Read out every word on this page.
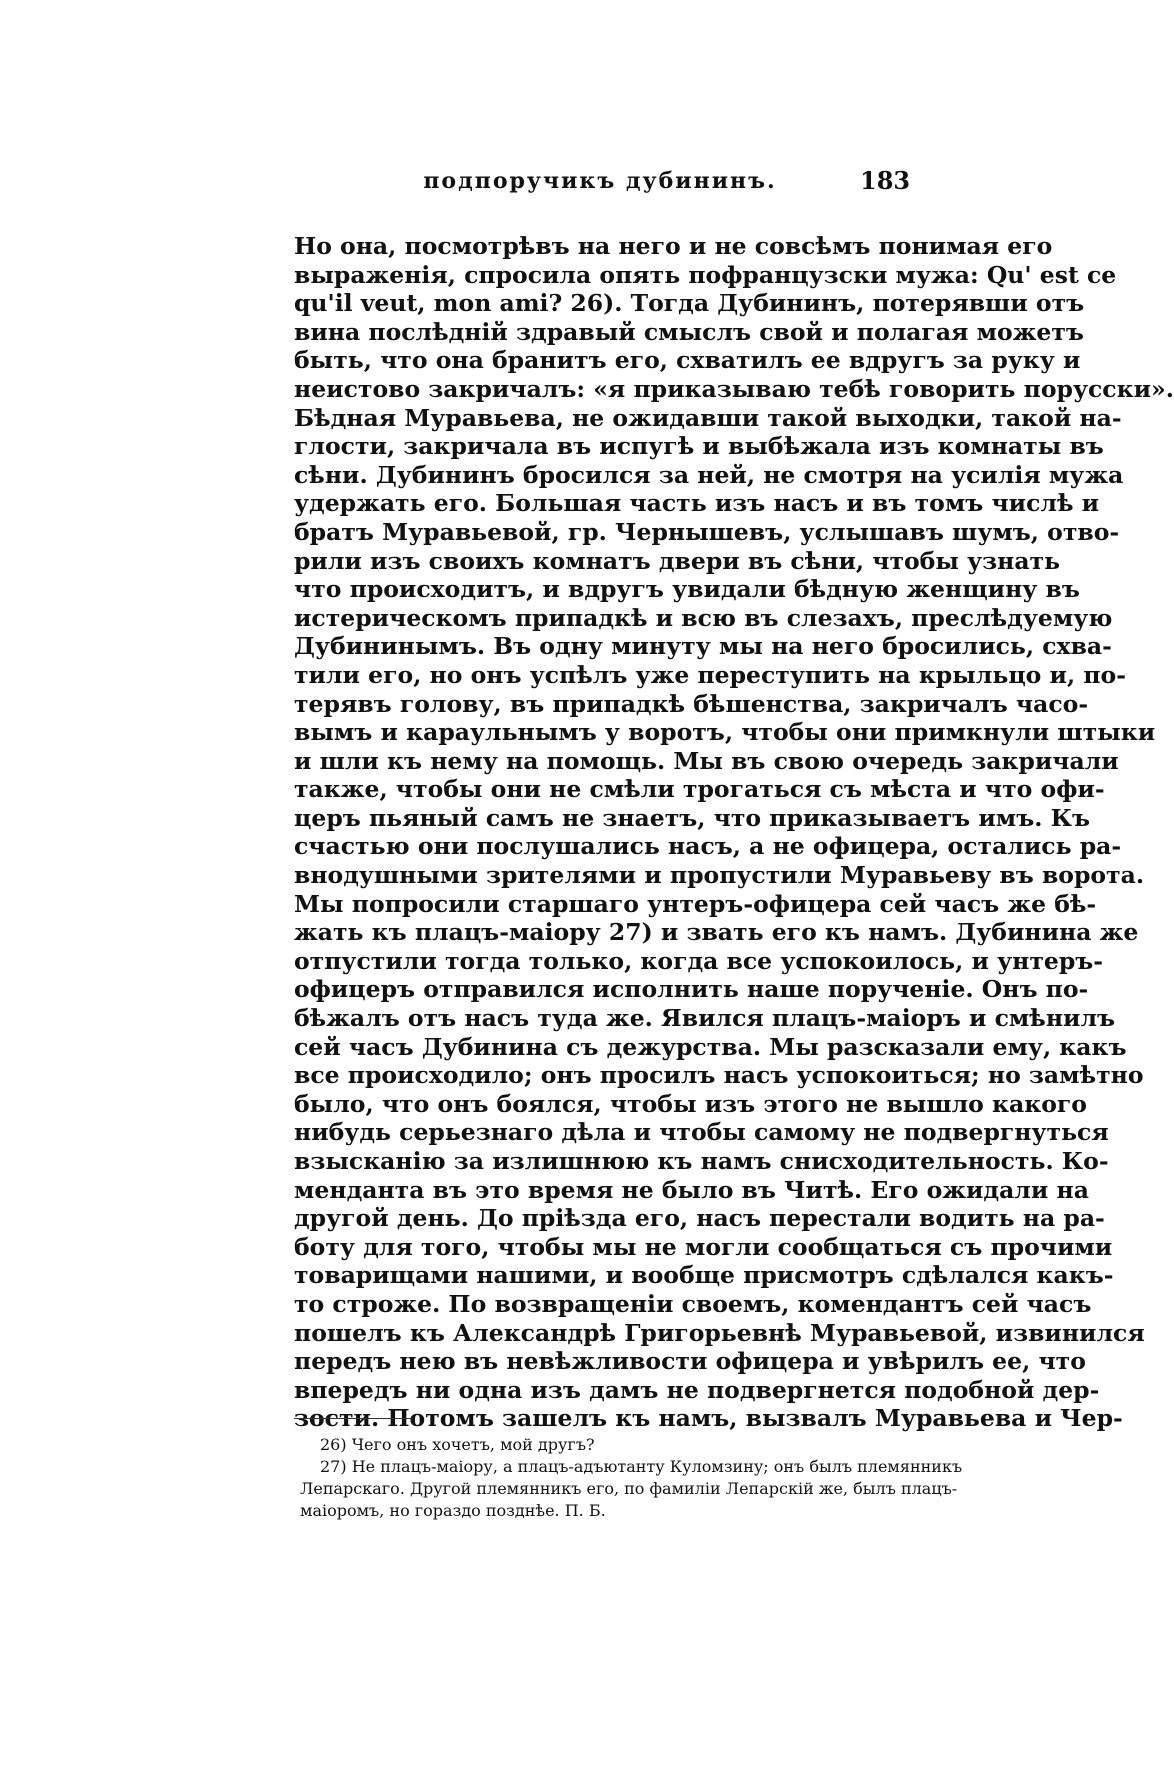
подпоручикъ дубининъ.	183
Но она, посмотрѣвъ на него и не совсѣмъ понимая его
выраженія, спросила опять пофранцузски мужа: Qu' est ce
qu'il veut, mon ami? 26). Тогда Дубининъ, потерявши отъ
вина послѣдній здравый смыслъ свой и полагая можетъ
быть, что она бранитъ его, схватилъ ее вдругъ за руку и
неистово закричалъ: «я приказываю тебѣ говорить порусски».
Бѣдная Муравьева, не ожидавши такой выходки, такой на-
глости, закричала въ испугѣ и выбѣжала изъ комнаты въ
сѣни. Дубининъ бросился за ней, не смотря на усилія мужа
удержать его. Большая часть изъ насъ и въ томъ числѣ и
братъ Муравьевой, гр. Чернышевъ, услышавъ шумъ, отво-
рили изъ своихъ комнатъ двери въ сѣни, чтобы узнать
что происходитъ, и вдругъ увидали бѣдную женщину въ
истерическомъ припадкѣ и всю въ слезахъ, преслѣдуемую
Дубининымъ. Въ одну минуту мы на него бросились, схва-
тили его, но онъ успѣлъ уже переступить на крыльцо и, по-
терявъ голову, въ припадкѣ бѣшенства, закричалъ часо-
вымъ и караульнымъ у воротъ, чтобы они примкнули штыки
и шли къ нему на помощь. Мы въ свою очередь закричали
также, чтобы они не смѣли трогаться съ мѣста и что офи-
церъ пьяный самъ не знаетъ, что приказываетъ имъ. Къ
счастью они послушались насъ, а не офицера, остались ра-
внодушными зрителями и пропустили Муравьеву въ ворота.
Мы попросили старшаго унтеръ-офицера сей часъ же бѣ-
жать къ плацъ-маіору 27) и звать его къ намъ. Дубинина же
отпустили тогда только, когда все успокоилось, и унтеръ-
офицеръ отправился исполнить наше порученіе. Онъ по-
бѣжалъ отъ насъ туда же. Явился плацъ-маіоръ и смѣнилъ
сей часъ Дубинина съ дежурства. Мы разсказали ему, какъ
все происходило; онъ просилъ насъ успокоиться; но замѣтно
было, что онъ боялся, чтобы изъ этого не вышло какого
нибудь серьезнаго дѣла и чтобы самому не подвергнуться
взысканію за излишнюю къ намъ снисходительность. Ко-
менданта въ это время не было въ Читѣ. Его ожидали на
другой день. До пріѣзда его, насъ перестали водить на ра-
боту для того, чтобы мы не могли сообщаться съ прочими
товарищами нашими, и вообще присмотръ сдѣлался какъ-
то строже. По возвращеніи своемъ, комендантъ сей часъ
пошелъ къ Александрѣ Григорьевнѣ Муравьевой, извинился
передъ нею въ невѣжливости офицера и увѣрилъ ее, что
впередъ ни одна изъ дамъ не подвергнется подобной дер-
зости. Потомъ зашелъ къ намъ, вызвалъ Муравьева и Чер-
26) Чего онъ хочетъ, мой другъ?
27) Не плацъ-маіору, а плацъ-адъютанту Куломзину; онъ былъ племянникъ
Лепарскаго. Другой племянникъ его, по фамиліи Лепарскій же, былъ плацъ-
маіоромъ, но гораздо позднѣе. П. Б.
